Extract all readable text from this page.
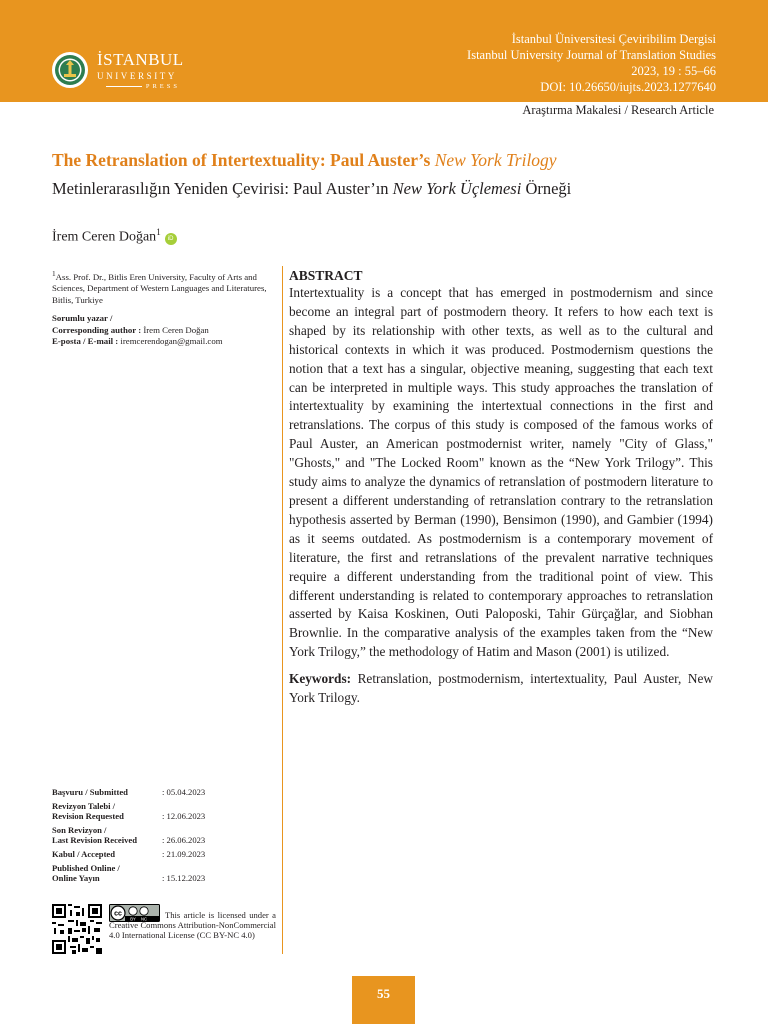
İSTANBUL
UNIVERSITY
PRESS
İstanbul Üniversitesi Çeviribilim Dergisi
Istanbul University Journal of Translation Studies
2023, 19 : 55–66
DOI: 10.26650/iujts.2023.1277640
Araştırma Makalesi / Research Article
The Retranslation of Intertextuality: Paul Auster’s New York Trilogy
Metinlerarasılığın Yeniden Çevirisi: Paul Auster’ın New York Üçlemesi Örneği
İrem Ceren Doğan$^1$iD
$^1$Ass. Prof. Dr., Bitlis Eren University, Faculty of Arts and Sciences, Department of Western Languages and Literatures, Bitlis, Turkiye
Sorumlu yazar /
Corresponding author : İrem Ceren Doğan
E-posta / E-mail : iremcerendogan@gmail.com
ABSTRACT

Intertextuality is a concept that has emerged in postmodernism and since become an integral part of postmodern theory. It refers to how each text is shaped by its relationship with other texts, as well as to the cultural and historical contexts in which it was produced. Postmodernism questions the notion that a text has a singular, objective meaning, suggesting that each text can be interpreted in multiple ways. This study approaches the translation of intertextuality by examining the intertextual connections in the first and retranslations. The corpus of this study is composed of the famous works of Paul Auster, an American postmodernist writer, namely "City of Glass," "Ghosts," and "The Locked Room" known as the “New York Trilogy”. This study aims to analyze the dynamics of retranslation of postmodern literature to present a different understanding of retranslation contrary to the retranslation hypothesis asserted by Berman (1990), Bensimon (1990), and Gambier (1994) as it seems outdated. As postmodernism is a contemporary movement of literature, the first and retranslations of the prevalent narrative techniques require a different understanding from the traditional point of view. This different understanding is related to contemporary approaches to retranslation asserted by Kaisa Koskinen, Outi Paloposki, Tahir Gürçağlar, and Siobhan Brownlie. In the comparative analysis of the examples taken from the “New York Trilogy,” the methodology of Hatim and Mason (2001) is utilized.

Keywords: Retranslation, postmodernism, intertextuality, Paul Auster, New York Trilogy.

Başvuru / Submitted	: 05.04.2023
Revizyon Talebi /
Revision Requested	: 12.06.2023
Son Revizyon /
Last Revision Received	: 26.06.2023
Kabul / Accepted	: 21.09.2023
Published Online /
Online Yayın	: 15.12.2023
cc
BY NC	This article is licensed under a Creative Commons Attribution-NonCommercial 4.0 International License (CC BY-NC 4.0)
55
